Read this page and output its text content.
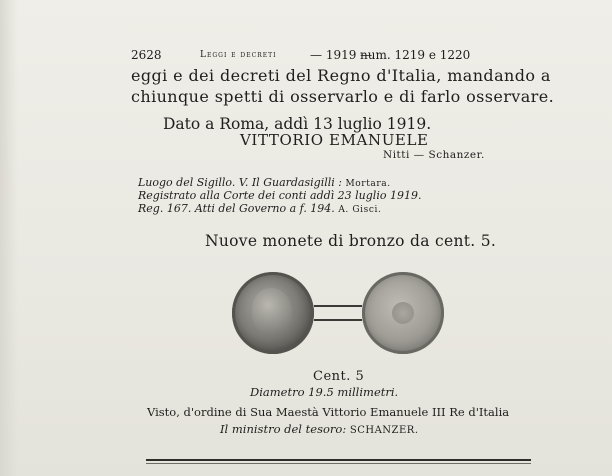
2628	Leggi e decreti	— 1919 —
num. 1219 e 1220
eggi e dei decreti del Regno d'Italia, mandando a
chiunque spetti di osservarlo e di farlo osservare.
Dato a Roma, addì 13 luglio 1919.
VITTORIO EMANUELE
Nitti — Schanzer.
Luogo del Sigillo. V. Il Guardasigilli : Mortara.
Registrato alla Corte dei conti addì 23 luglio 1919.
Reg. 167. Atti del Governo a f. 194. A. Gisci.
Nuove monete di bronzo da cent. 5.
Cent. 5
Diametro 19.5 millimetri.
Visto, d'ordine di Sua Maestà Vittorio Emanuele III Re d'Italia
Il ministro del tesoro: SCHANZER.
